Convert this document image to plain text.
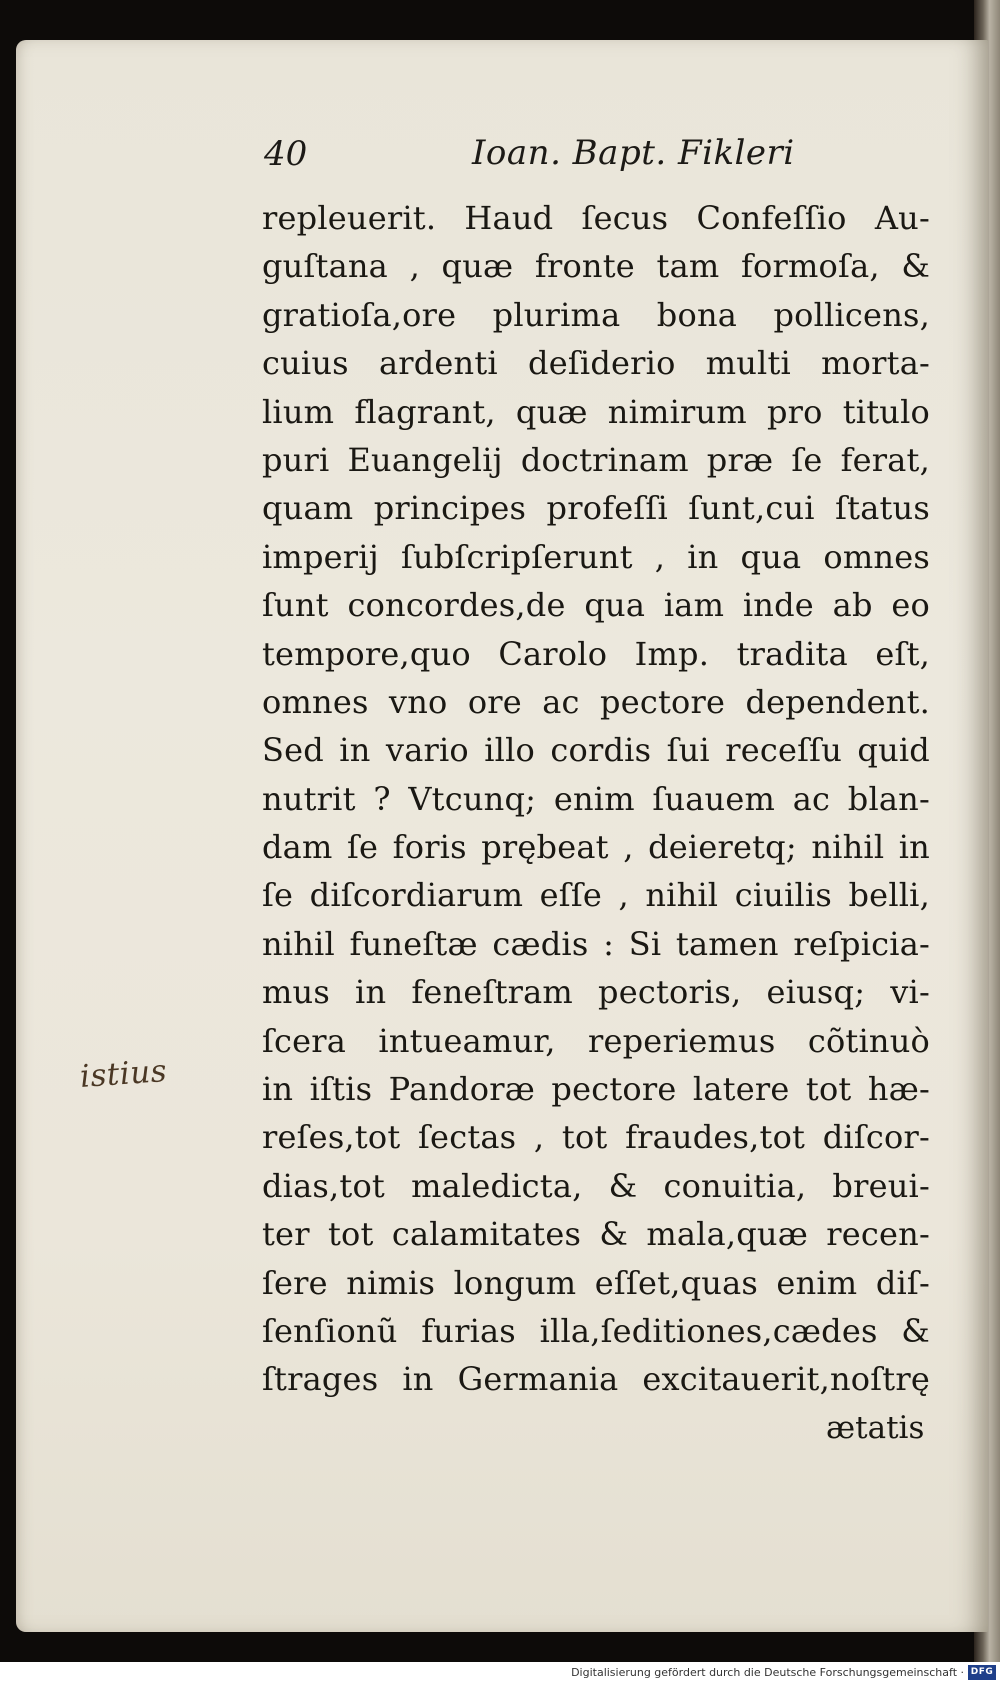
40	Ioan. Bapt. Fikleri
repleuerit. Haud ſecus Confeſſio Au-
guſtana , quæ fronte tam formoſa, &
gratioſa,ore plurima bona pollicens,
cuius ardenti deſiderio multi morta-
lium flagrant, quæ nimirum pro titulo
puri Euangelij doctrinam præ ſe ferat,
quam principes profeſſi ſunt,cui ſtatus
imperij ſubſcripſerunt , in qua omnes
ſunt concordes,de qua iam inde ab eo
tempore,quo Carolo Imp. tradita eſt,
omnes vno ore ac pectore dependent.
Sed in vario illo cordis ſui receſſu quid
nutrit ? Vtcunq; enim ſuauem ac blan-
dam ſe foris prębeat , deieretq; nihil in
ſe diſcordiarum eſſe , nihil ciuilis belli,
nihil funeſtæ cædis : Si tamen reſpicia-
mus in feneſtram pectoris, eiusq; vi-
ſcera intueamur, reperiemus cõtinuò
in iſtis Pandoræ pectore latere tot hæ-
reſes,tot ſectas , tot fraudes,tot diſcor-
dias,tot maledicta, & conuitia, breui-
ter tot calamitates & mala,quæ recen-
ſere nimis longum eſſet,quas enim diſ-
ſenſionũ furias illa,ſeditiones,cædes &
ſtrages in Germania excitauerit,noſtrę
ætatis
istius
Digitalisierung gefördert durch die Deutsche Forschungsgemeinschaft · DFG
